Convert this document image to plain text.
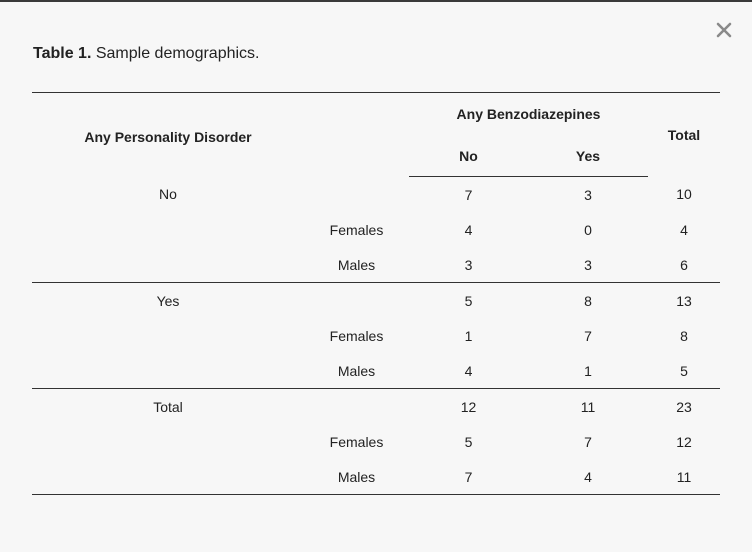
Table 1. Sample demographics.
Any Personality Disorder		Any Benzodiazepines		Total
		No	Yes	
No		7	3	10
	Females	4	0	4
	Males	3	3	6
Yes		5	8	13
	Females	1	7	8
	Males	4	1	5
Total		12	11	23
	Females	5	7	12
	Males	7	4	11
